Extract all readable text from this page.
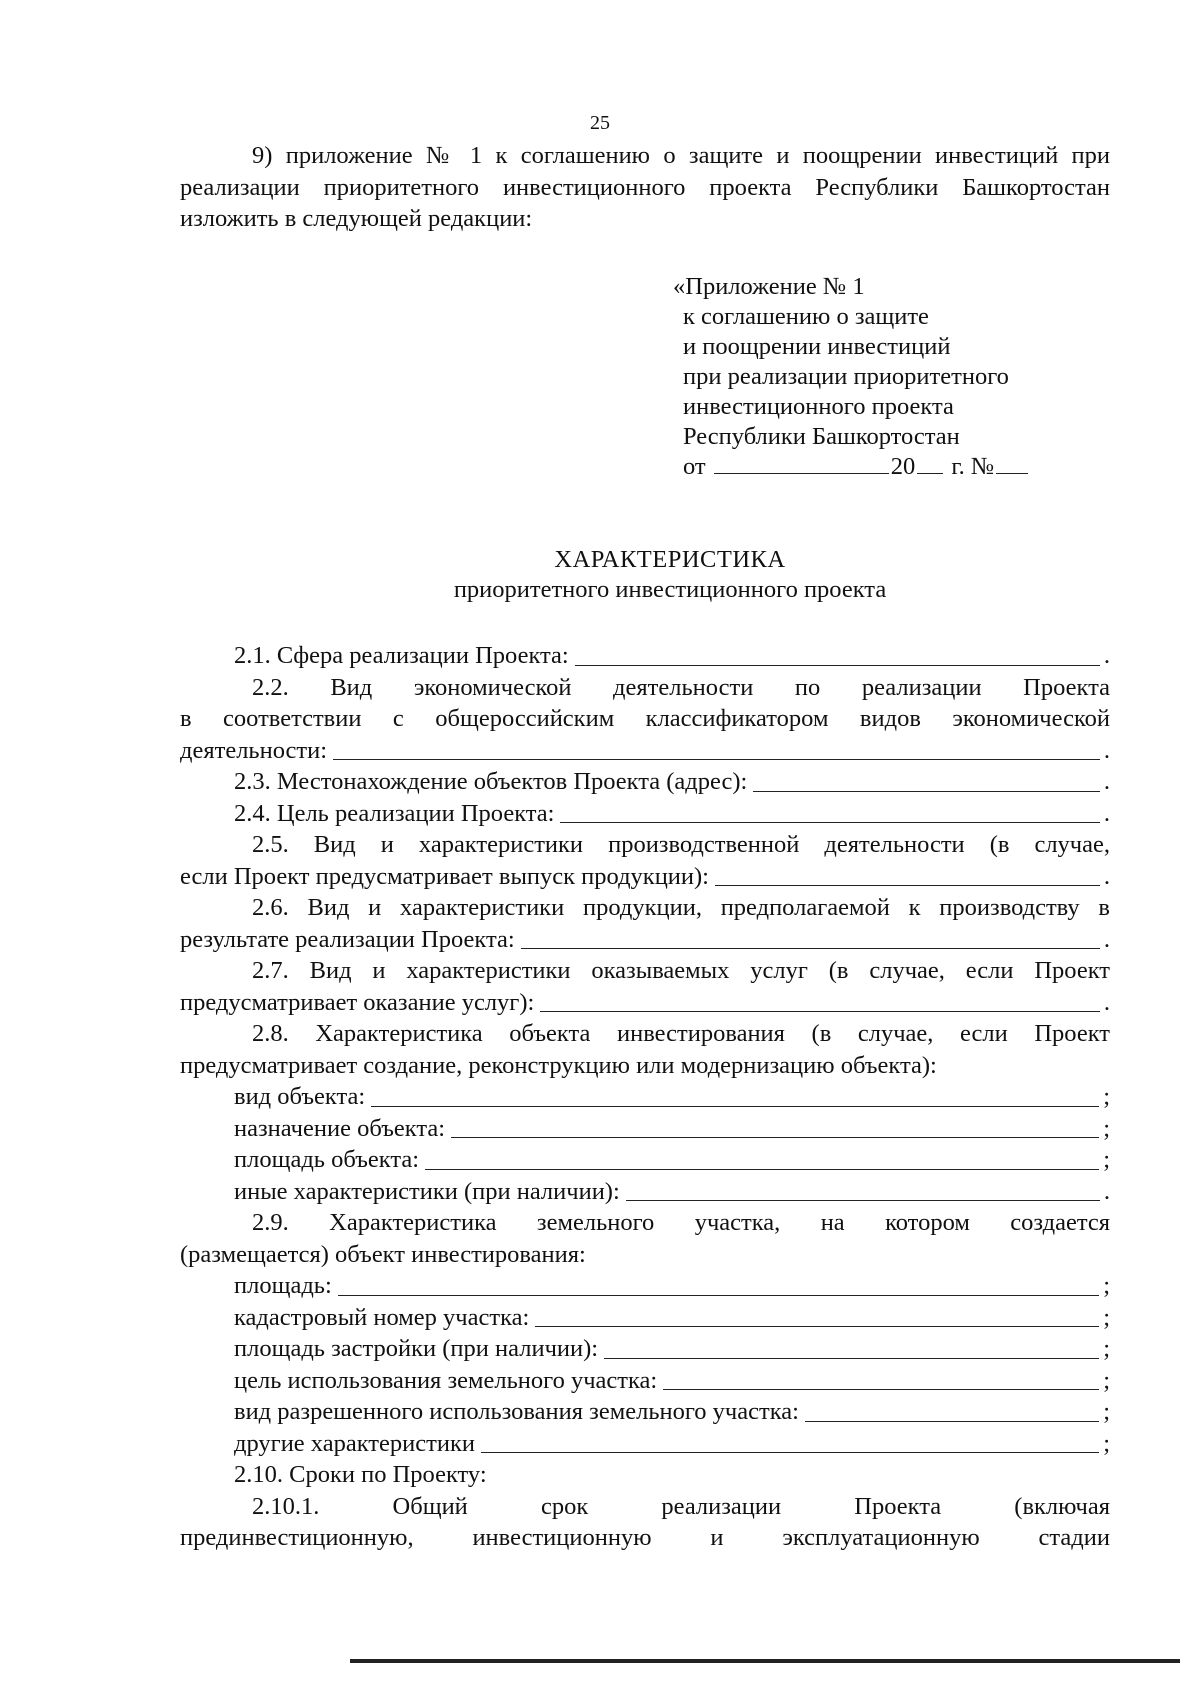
25

9) приложение № 1 к соглашению о защите и поощрении инвестиций при реализации приоритетного инвестиционного проекта Республики Башкортостан изложить в следующей редакции:

«Приложение № 1
к соглашению о защите
и поощрении инвестиций
при реализации приоритетного
инвестиционного проекта
Республики Башкортостан
от	20 г. №
ХАРАКТЕРИСТИКА
приоритетного инвестиционного проекта
2.1. Сфера реализации Проекта:	.

2.2. Вид экономической деятельности по реализации Проекта

в соответствии с общероссийским классификатором видов экономической

деятельности:	.
2.3. Местонахождение объектов Проекта (адрес):	.
2.4. Цель реализации Проекта:	.

2.5. Вид и характеристики производственной деятельности (в случае,

если Проект предусматривает выпуск продукции):	.

2.6. Вид и характеристики продукции, предполагаемой к производству в

результате реализации Проекта:	.

2.7. Вид и характеристики оказываемых услуг (в случае, если Проект

предусматривает оказание услуг):	.

2.8. Характеристика объекта инвестирования (в случае, если Проект

предусматривает создание, реконструкцию или модернизацию объекта):

вид объекта:	;
назначение объекта:	;
площадь объекта:	;
иные характеристики (при наличии):	.

2.9. Характеристика земельного участка, на котором создается

(размещается) объект инвестирования:

площадь:	;
кадастровый номер участка:	;
площадь застройки (при наличии):	;
цель использования земельного участка:	;
вид разрешенного использования земельного участка:	;
другие характеристики	;

2.10. Сроки по Проекту:

2.10.1. Общий срок реализации Проекта (включая

прединвестиционную, инвестиционную и эксплуатационную стадии
